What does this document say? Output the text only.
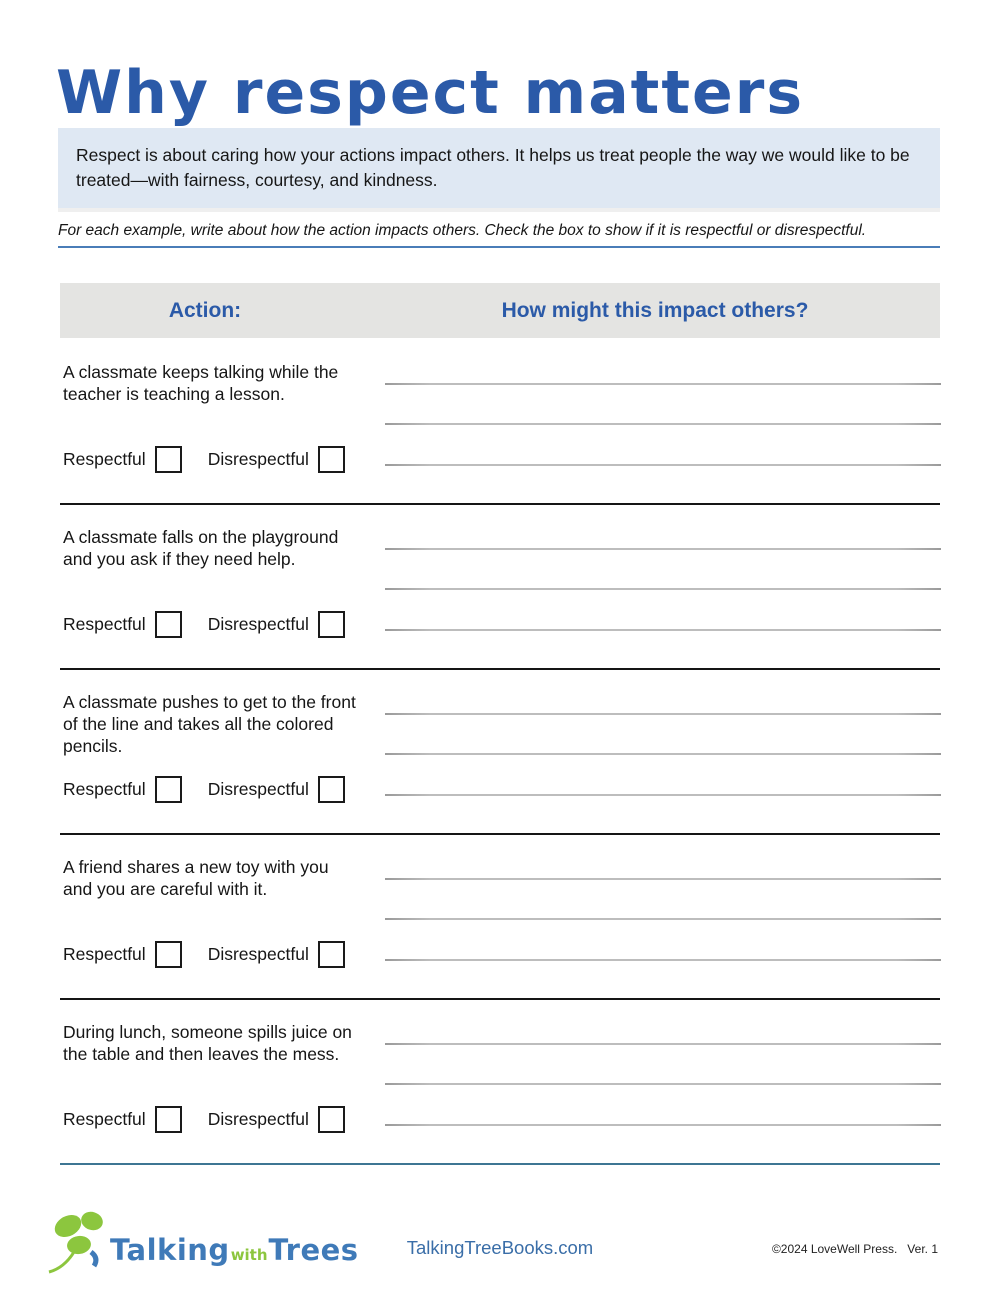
Why respect matters
Respect is about caring how your actions impact others. It helps us treat people the way we would like to be treated—with fairness, courtesy, and kindness.
For each example, write about how the action impacts others. Check the box to show if it is respectful or disrespectful.
Action:	How might this impact others?
A classmate keeps talking while the teacher is teaching a lesson.
Respectful	Disrespectful
A classmate falls on the playground and you ask if they need help.
Respectful	Disrespectful
A classmate pushes to get to the front of the line and takes all the colored pencils.
Respectful	Disrespectful
A friend shares a new toy with you and you are careful with it.
Respectful	Disrespectful
During lunch, someone spills juice on the table and then leaves the mess.
Respectful	Disrespectful
TalkingwithTrees	TalkingTreeBooks.com	©2024 LoveWell Press.   Ver. 1
